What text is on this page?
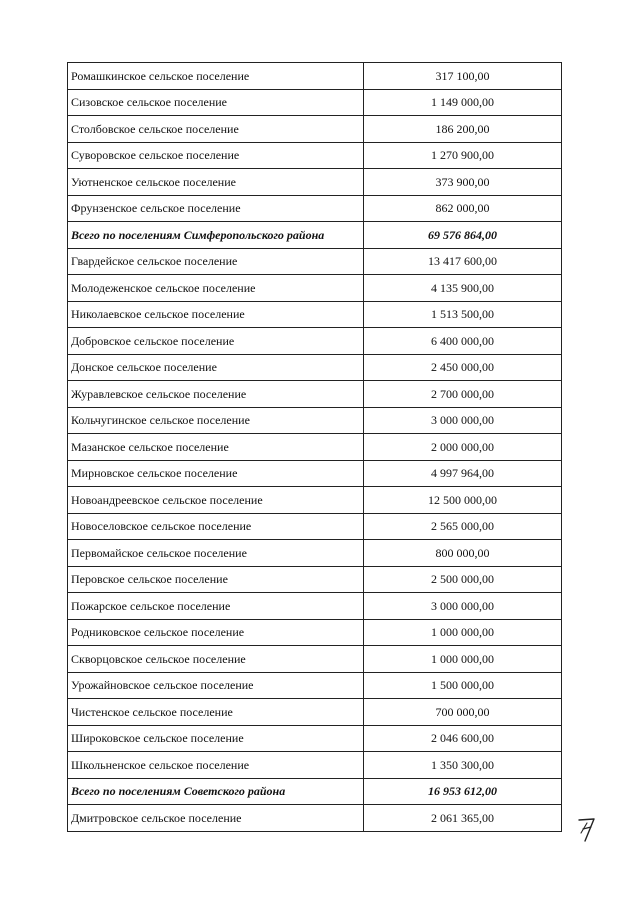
Ромашкинское сельское поселение	317 100,00
Сизовское сельское поселение	1 149 000,00
Столбовское сельское поселение	186 200,00
Суворовское сельское поселение	1 270 900,00
Уютненское сельское поселение	373 900,00
Фрунзенское сельское поселение	862 000,00
Всего по поселениям Симферопольского района	69 576 864,00
Гвардейское сельское поселение	13 417 600,00
Молодеженское сельское поселение	4 135 900,00
Николаевское сельское поселение	1 513 500,00
Добровское сельское поселение	6 400 000,00
Донское сельское поселение	2 450 000,00
Журавлевское сельское поселение	2 700 000,00
Кольчугинское сельское поселение	3 000 000,00
Мазанское сельское поселение	2 000 000,00
Мирновское сельское поселение	4 997 964,00
Новоандреевское сельское поселение	12 500 000,00
Новоселовское сельское поселение	2 565 000,00
Первомайское сельское поселение	800 000,00
Перовское сельское поселение	2 500 000,00
Пожарское сельское поселение	3 000 000,00
Родниковское сельское поселение	1 000 000,00
Скворцовское сельское поселение	1 000 000,00
Урожайновское сельское поселение	1 500 000,00
Чистенское сельское поселение	700 000,00
Широковское сельское поселение	2 046 600,00
Школьненское сельское поселение	1 350 300,00
Всего по поселениям Советского района	16 953 612,00
Дмитровское сельское поселение	2 061 365,00
